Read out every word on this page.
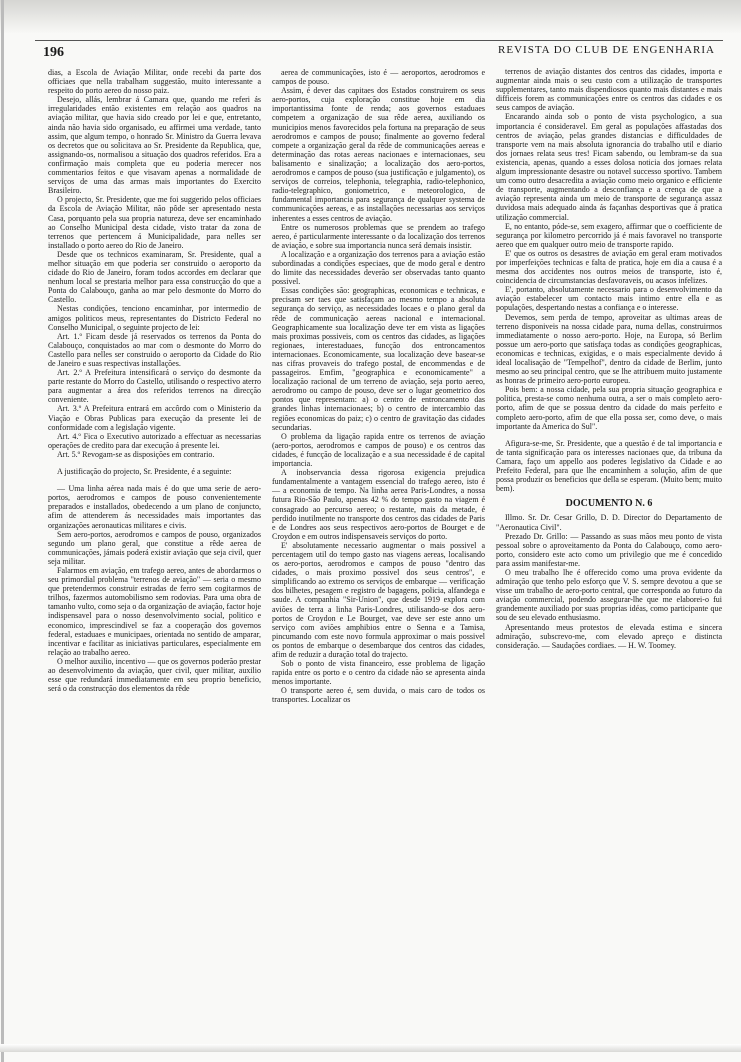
196	REVISTA DO CLUB DE ENGENHARIA

dias, a Escola de Aviação Militar, onde recebi da parte dos officiaes que nella trabalham suggestão, muito interessante a respeito do porto aereo do nosso paiz.

Desejo, allás, lembrar á Camara que, quando me referi ás irregularidades então existentes em relação aos quadros na aviação militar, que havia sido creado por lei e que, entretanto, ainda não havia sido organisado, eu affirmei uma verdade, tanto assim, que algum tempo, o honrado Sr. Ministro da Guerra levava os decretos que ou solicitava ao Sr. Presidente da Republica, que, assignando-os, normalisou a situação dos quadros referidos. Era a confirmação mais completa que eu poderia merecer nos commentarios feitos e que visavam apenas a normalidade de serviços de uma das armas mais importantes do Exercito Brasileiro.

O projecto, Sr. Presidente, que me foi suggerido pelos officiaes da Escola de Aviação Militar, não pôde ser apresentado nesta Casa, porquanto pela sua propria natureza, deve ser encaminhado ao Conselho Municipal desta cidade, visto tratar da zona de terrenos que pertencem á Municipalidade, para nelles ser installado o porto aereo do Rio de Janeiro.

Desde que os technicos examinaram, Sr. Presidente, qual a melhor situação em que poderia ser construido o aeroporto da cidade do Rio de Janeiro, foram todos accordes em declarar que nenhum local se prestaria melhor para essa construcção do que a Ponta do Calabouço, ganha ao mar pelo desmonte do Morro do Castello.

Nestas condições, tenciono encaminhar, por intermedio de amigos politicos meus, representantes do Districto Federal no Conselho Municipal, o seguinte projecto de lei:

Art. 1.º Ficam desde já reservados os terrenos da Ponta do Calabouço, conquistados ao mar com o desmonte do Morro do Castello para nelles ser construido o aeroporto da Cidade do Rio de Janeiro e suas respectivas installações.

Art. 2.º A Prefeitura intensificará o serviço do desmonte da parte restante do Morro do Castello, utilisando o respectivo aterro para augmentar a área dos referidos terrenos na direcção conveniente.

Art. 3.º A Prefeitura entrará em accôrdo com o Ministerio da Viação e Obras Publicas para execução da presente lei de conformidade com a legislação vigente.

Art. 4.º Fica o Executivo autorizado a effectuar as necessarias operações de credito para dar execução á presente lei.

Art. 5.º Revogam-se as disposições em contrario.

A justificação do projecto, Sr. Presidente, é a seguinte:

— Uma linha aérea nada mais é do que uma serie de aero-portos, aerodromos e campos de pouso convenientemente preparados e installados, obedecendo a um plano de conjuncto, afim de attenderem ás necessidades mais importantes das organizações aeronauticas militares e civis.

Sem aero-portos, aerodromos e campos de pouso, organizados segundo um plano geral, que constitue a rêde aerea de communicações, jámais poderá existir aviação que seja civil, quer seja militar.

Falarmos em aviação, em trafego aereo, antes de abordarmos o seu primordial problema "terrenos de aviação" — seria o mesmo que pretendermos construir estradas de ferro sem cogitarmos de trilhos, fazermos automobilismo sem rodovias. Para uma obra de tamanho vulto, como seja o da organização de aviação, factor hoje indispensavel para o nosso desenvolvimento social, politico e economico, imprescindivel se faz a cooperação dos governos federal, estaduaes e municipaes, orientada no sentido de amparar, incentivar e facilitar as iniciativas particulares, especialmente em relação ao trabalho aereo.

O melhor auxilio, incentivo — que os governos poderão prestar ao desenvolvimento da aviação, quer civil, quer militar, auxilio esse que redundará immediatamente em seu proprio beneficio, será o da construcção dos elementos da rêde

aerea de communicações, isto é — aeroportos, aerodromos e campos de pouso.

Assim, é dever das capitaes dos Estados construirem os seus aero-portos, cuja exploração constitue hoje em dia importantissima fonte de renda; aos governos estaduaes competem a organização de sua rêde aerea, auxiliando os municipios menos favorecidos pela fortuna na preparação de seus aerodromos e campos de pouso; finalmente ao governo federal compete a organização geral da rêde de communicações aereas e determinação das rotas aereas nacionaes e internacionaes, seu balisamento e sinalização; a localização dos aero-portos, aerodromos e campos de pouso (sua justificação e julgamento), os serviços de correios, telephonia, telegraphia, radio-telephonico, radio-telegraphico, goniometrico, e meteorologico, de fundamental importancia para segurança de qualquer systema de communicações aereas, e as installações necessarias aos serviços inherentes a esses centros de aviação.

Entre os numerosos problemas que se prendem ao trafego aereo, é particularmente interessante o da localização dos terrenos de aviação, e sobre sua importancia nunca será demais insistir.

A localização e a organização dos terrenos para a aviação estão subordinadas a condições especiaes, que de modo geral e dentro do limite das necessidades deverão ser observadas tanto quanto possivel.

Essas condições são: geographicas, economicas e technicas, e precisam ser taes que satisfaçam ao mesmo tempo a absoluta segurança do serviço, as necessidades locaes e o plano geral da rêde de communicação aereas nacional e internacional. Geographicamente sua localização deve ter em vista as ligações mais proximas possiveis, com os centros das cidades, as ligações regionaes, interestaduaes, funcção dos entroncamentos internacionaes. Economicamente, sua localização deve basear-se nas cifras provaveis do trafego postal, de encommendas e de passageiros. Emfim, "geographica e economicamente" a localização racional de um terreno de aviação, seja porto aereo, aerodromo ou campo de pouso, deve ser o lugar geometrico dos pontos que representam: a) o centro de entroncamento das grandes linhas internacionaes; b) o centro de intercambio das regiões economicas do paiz; c) o centro de gravitação das cidades secundarias.

O problema da ligação rapida entre os terrenos de aviação (aero-portos, aerodromos e campos de pouso) e os centros das cidades, é funcção de localização e a sua necessidade é de capital importancia.

A inobservancia dessa rigorosa exigencia prejudica fundamentalmente a vantagem essencial do trafego aereo, isto é — a economia de tempo. Na linha aerea Paris-Londres, a nossa futura Rio-São Paulo, apenas 42 % do tempo gasto na viagem é consagrado ao percurso aereo; o restante, mais da metade, é perdido inutilmente no transporte dos centros das cidades de Paris e de Londres aos seus respectivos aero-portos de Bourget e de Croydon e em outros indispensaveis serviços do porto.

E' absolutamente necessario augmentar o mais possivel a percentagem util do tempo gasto nas viagens aereas, localisando os aero-portos, aerodromos e campos de pouso "dentro das cidades, o mais proximo possivel dos seus centros", e simplificando ao extremo os serviços de embarque — verificação dos bilhetes, pesagem e registro de bagagens, policia, alfandega e saude. A companhia "Sir-Union", que desde 1919 explora com aviões de terra a linha Paris-Londres, utilisando-se dos aero-portos de Croydon e Le Bourget, vae deve ser este anno um serviço com aviões amphibios entre o Senna e a Tamisa, pincumando com este novo formula approximar o mais possivel os pontos de embarque o desembarque dos centros das cidades, afim de reduzir a duração total do trajecto.

Sob o ponto de vista financeiro, esse problema de ligação rapida entre os porto e o centro da cidade não se apresenta ainda menos importante.

O transporte aereo é, sem duvida, o mais caro de todos os transportes. Localizar os

terrenos de aviação distantes dos centros das cidades, importa e augmentar ainda mais o seu custo com a utilização de transportes supplementares, tanto mais dispendiosos quanto mais distantes e mais difficeis forem as communicações entre os centros das cidades e os seus campos de aviação.

Encarando ainda sob o ponto de vista psychologico, a sua importancia é consideravel. Em geral as populações affastadas dos centros de aviação, pelas grandes distancias e difficuldades de transporte vem na mais absoluta ignorancia do trabalho util e diario dos jornaes relata seus tres! Ficam sabendo, ou lembram-se da sua existencia, apenas, quando a esses dolosa noticia dos jornaes relata algum impressionante desastre ou notavel successo sportivo. Tambem um como outro desacredita a aviação como meio organico e efficiente de transporte, augmentando a desconfiança e a crença de que a aviação representa ainda um meio de transporte de segurança assaz duvidosa mais adequado ainda ás façanhas desportivas que á pratica utilização commercial.

E, no entanto, póde-se, sem exagero, affirmar que o coefficiente de segurança por kilometro percorrido já é mais favoravel no transporte aereo que em qualquer outro meio de transporte rapido.

E' que os outros os desastres de aviação em geral eram motivados por imperfeições technicas e falta de pratica, hoje em dia a causa é a mesma dos accidentes nos outros meios de transporte, isto é, coincidencia de circumstancias desfavoraveis, ou acasos infelizes.

E', portanto, absolutamente necessario para o desenvolvimento da aviação estabelecer um contacto mais intimo entre ella e as populações, despertando nestas a confiança e o interesse.

Devemos, sem perda de tempo, aproveitar as ultimas areas de terreno disponiveis na nossa cidade para, numa dellas, construirmos immediatamente o nosso aero-porto. Hoje, na Europa, só Berlim possue um aero-porto que satisfaça todas as condições geographicas, economicas e technicas, exigidas, e o mais especialmente devido á ideal localisação de "Tempelhof", dentro da cidade de Berlim, junto mesmo ao seu principal centro, que se lhe attribuem muito justamente as honras de primeiro aero-porto europeu.

Pois bem: a nossa cidade, pela sua propria situação geographica e politica, presta-se como nenhuma outra, a ser o mais completo aero-porto, afim de que se possua dentro da cidade do mais perfeito e completo aero-porto, afim de que ella possa ser, como deve, o mais importante da America do Sul".

Afigura-se-me, Sr. Presidente, que a questão é de tal importancia e de tanta significação para os interesses nacionaes que, da tribuna da Camara, faço um appello aos poderes legislativo da Cidade e ao Prefeito Federal, para que lhe encaminhem a solução, afim de que possa produzir os beneficios que della se esperam. (Muito bem; muito bem).

DOCUMENTO N. 6

Illmo. Sr. Dr. Cesar Grillo, D. D. Director do Departamento de "Aeronautica Civil".

Prezado Dr. Grillo: — Passando as suas mãos meu ponto de vista pessoal sobre o aproveitamento da Ponta do Calabouço, como aero-porto, considero este acto como um privilegio que me é concedido para assim manifestar-me.

O meu trabalho lhe é offerecido como uma prova evidente da admiração que tenho pelo esforço que V. S. sempre devotou a que se visse um trabalho de aero-porto central, que corresponda ao futuro da aviação commercial, podendo assegurar-lhe que me elaborei-o fui grandemente auxiliado por suas proprias idéas, como participante que sou de seu elevado enthusiasmo.

Apresentando meus protestos de elevada estima e sincera admiração, subscrevo-me, com elevado apreço e distincta consideração. — Saudações cordiaes. — H. W. Toomey.
